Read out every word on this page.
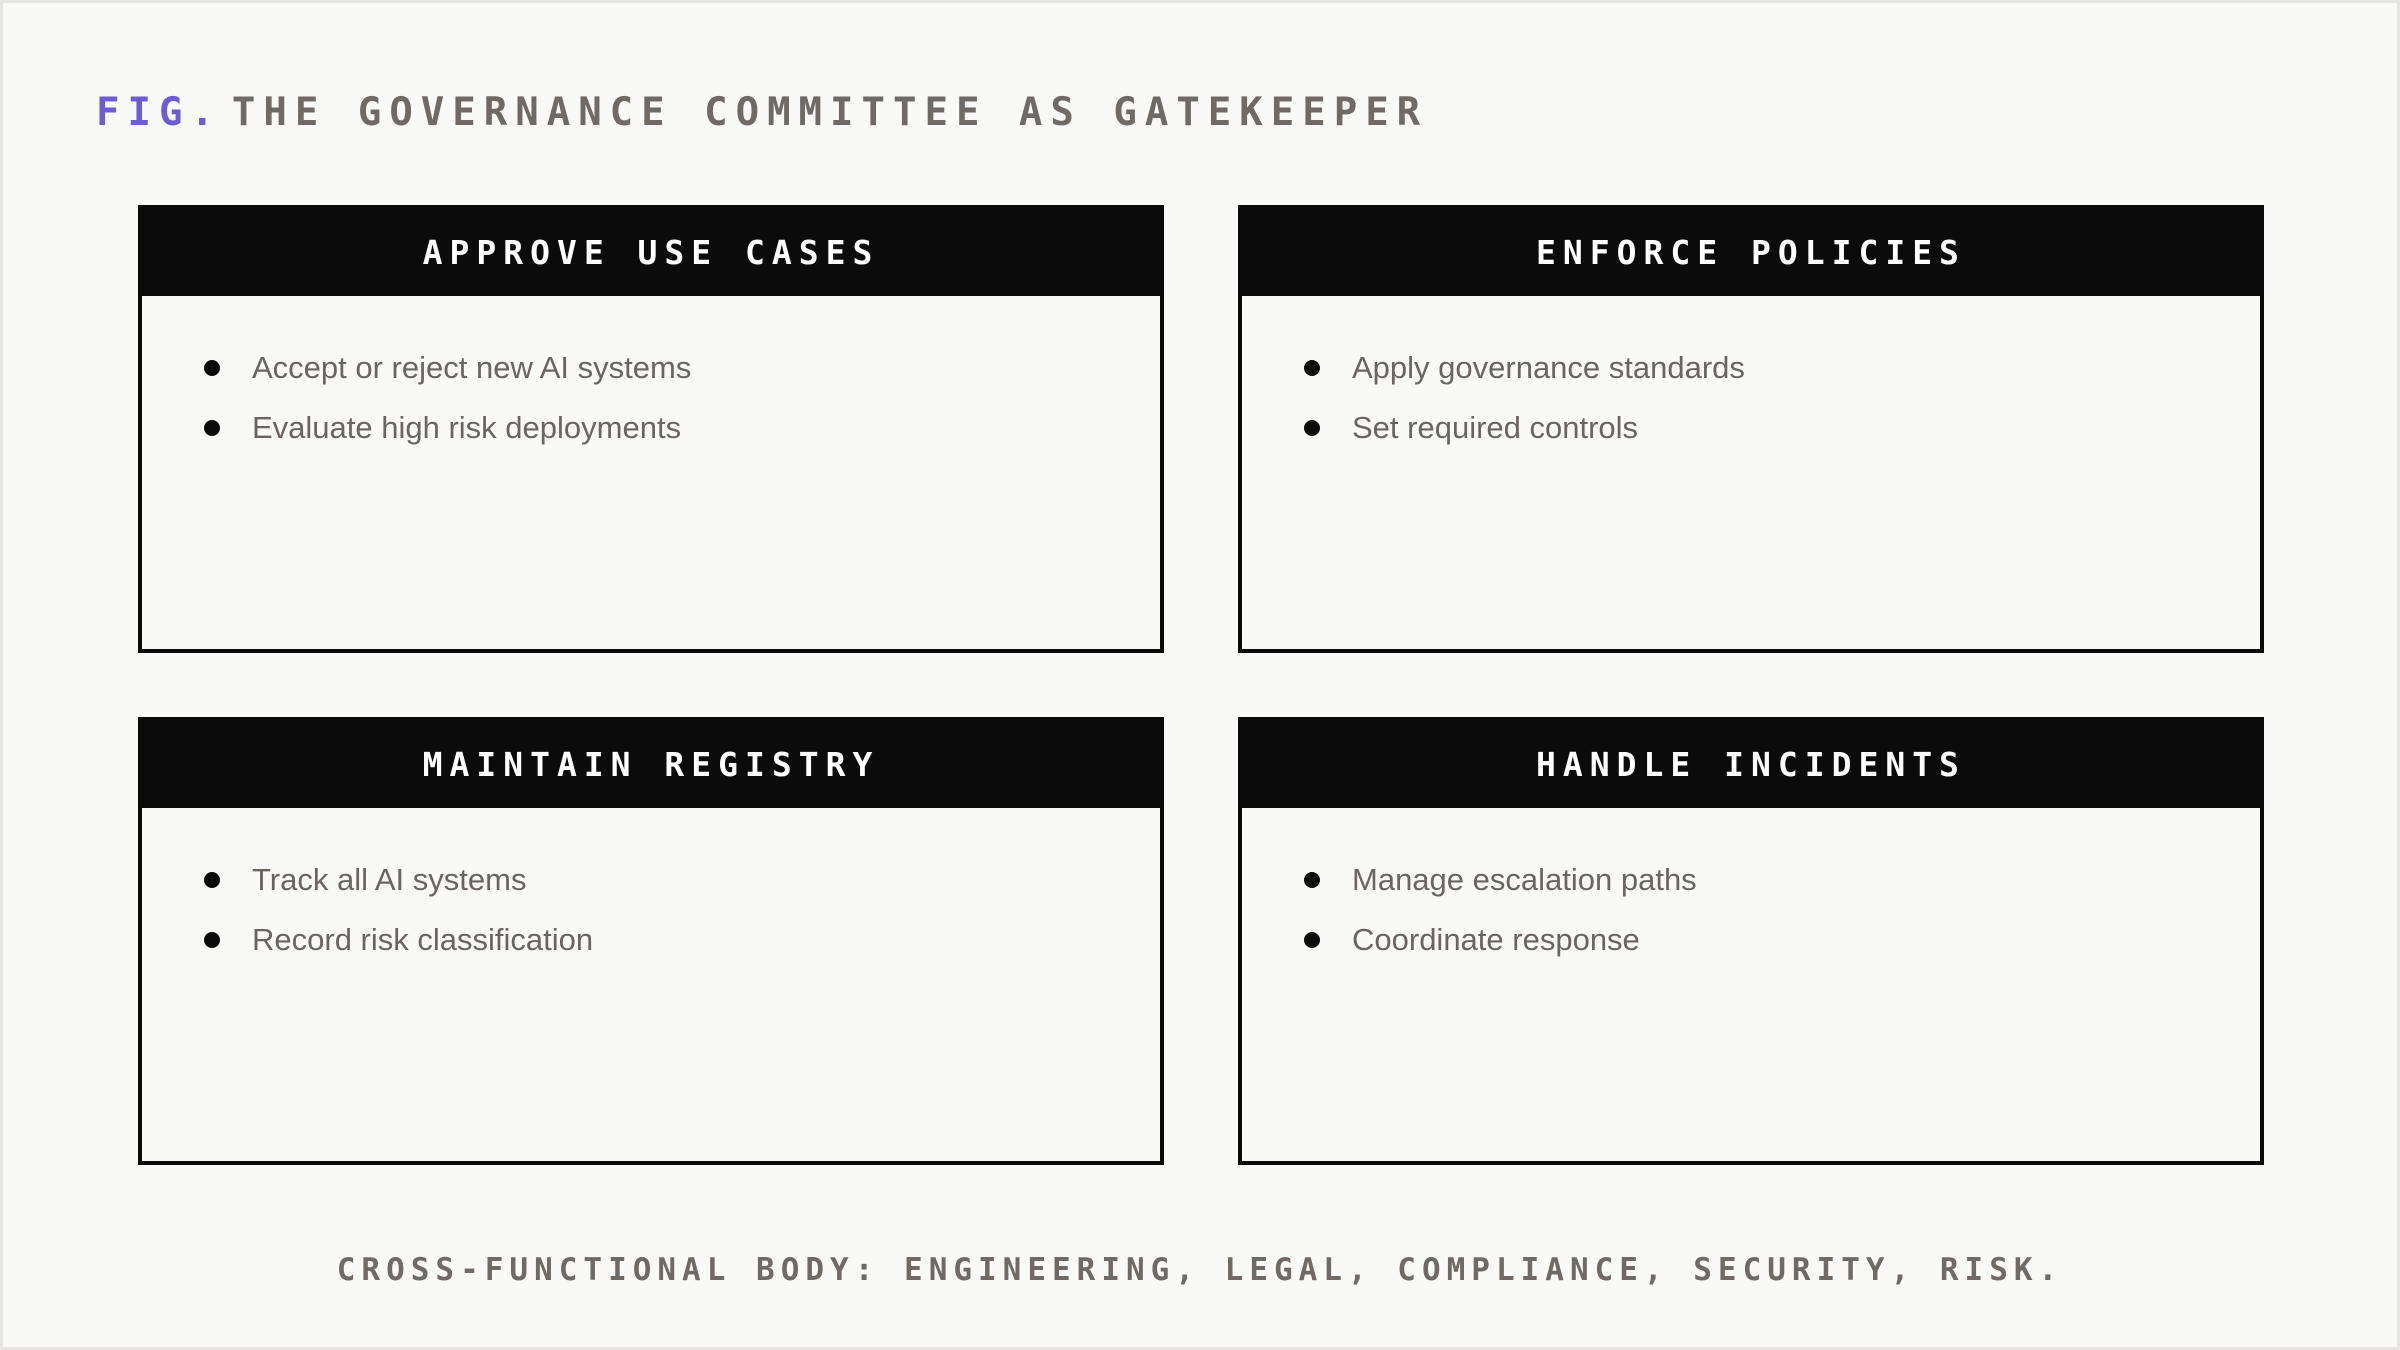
FIG. THE GOVERNANCE COMMITTEE AS GATEKEEPER
APPROVE USE CASES
Accept or reject new AI systems
Evaluate high risk deployments
ENFORCE POLICIES
Apply governance standards
Set required controls
MAINTAIN REGISTRY
Track all AI systems
Record risk classification
HANDLE INCIDENTS
Manage escalation paths
Coordinate response

CROSS-FUNCTIONAL BODY: ENGINEERING, LEGAL, COMPLIANCE, SECURITY, RISK.
